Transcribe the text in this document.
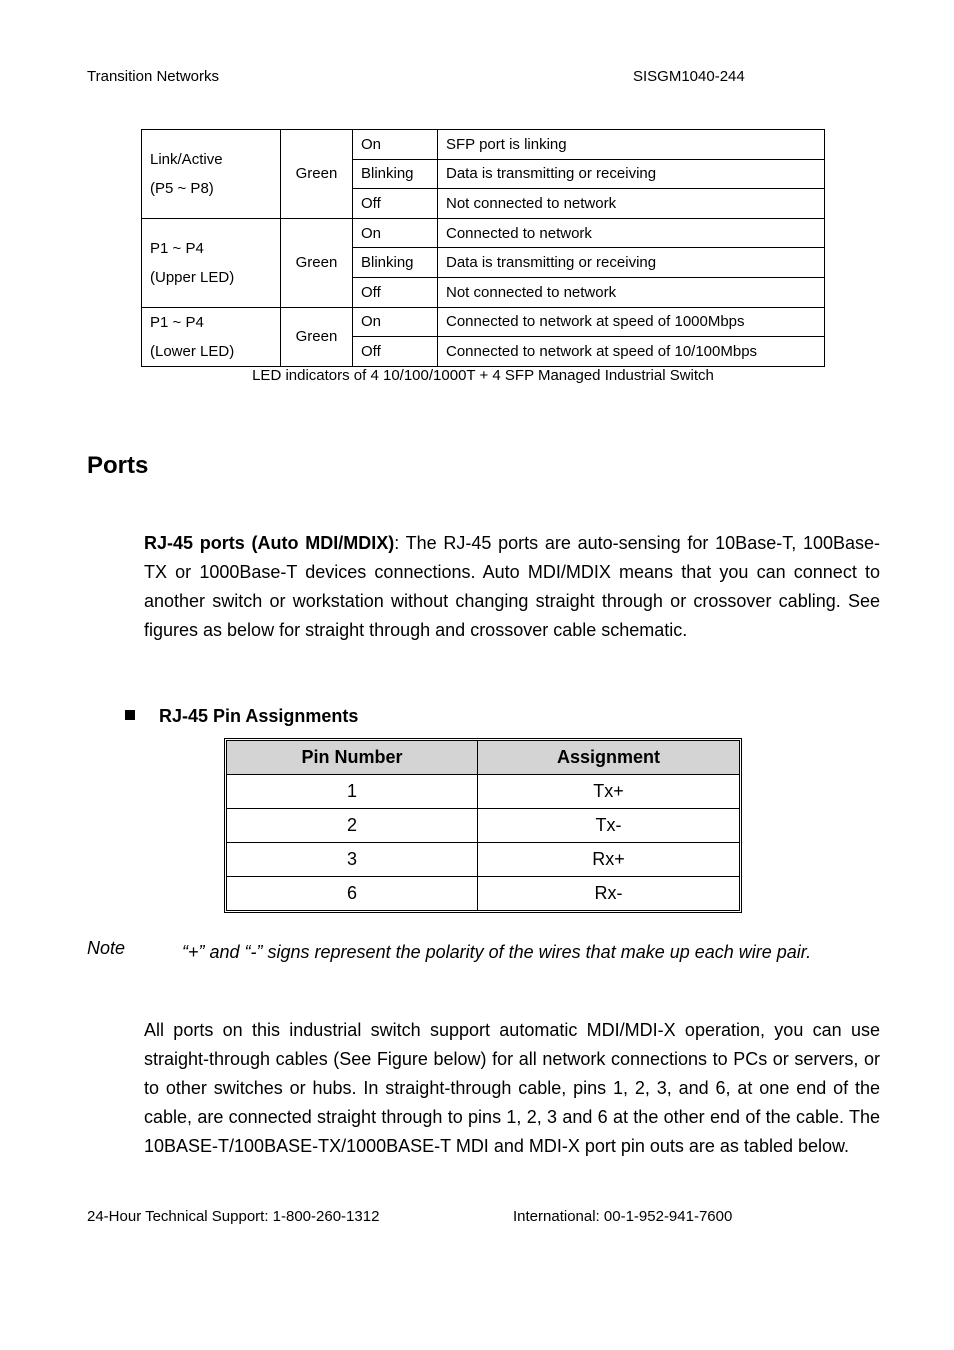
Transition Networks	SISGM1040-244
Link/Active
(P5 ~ P8)	Green	On	SFP port is linking
		Blinking	Data is transmitting or receiving
		Off	Not connected to network

P1 ~ P4
(Upper LED)	Green	On	Connected to network
		Blinking	Data is transmitting or receiving
		Off	Not connected to network

P1 ~ P4
(Lower LED)	Green	On	Connected to network at speed of 1000Mbps
		Off	Connected to network at speed of 10/100Mbps
LED indicators of 4 10/100/1000T + 4 SFP Managed Industrial Switch
Ports

RJ-45 ports (Auto MDI/MDIX): The RJ-45 ports are auto-sensing for 10Base-T, 100Base-TX or 1000Base-T devices connections. Auto MDI/MDIX means that you can connect to another switch or workstation without changing straight through or crossover cabling. See figures as below for straight through and crossover cable schematic.

RJ-45 Pin Assignments
Pin Number	Assignment
1	Tx+
2	Tx-
3	Rx+
6	Rx-
Note	“+” and “-” signs represent the polarity of the wires that make up each wire pair.

All ports on this industrial switch support automatic MDI/MDI-X operation, you can use straight-through cables (See Figure below) for all network connections to PCs or servers, or to other switches or hubs. In straight-through cable, pins 1, 2, 3, and 6, at one end of the cable, are connected straight through to pins 1, 2, 3 and 6 at the other end of the cable. The 10BASE-T/100BASE-TX/1000BASE-T MDI and MDI-X port pin outs are as tabled below.

24-Hour Technical Support: 1-800-260-1312	International: 00-1-952-941-7600
